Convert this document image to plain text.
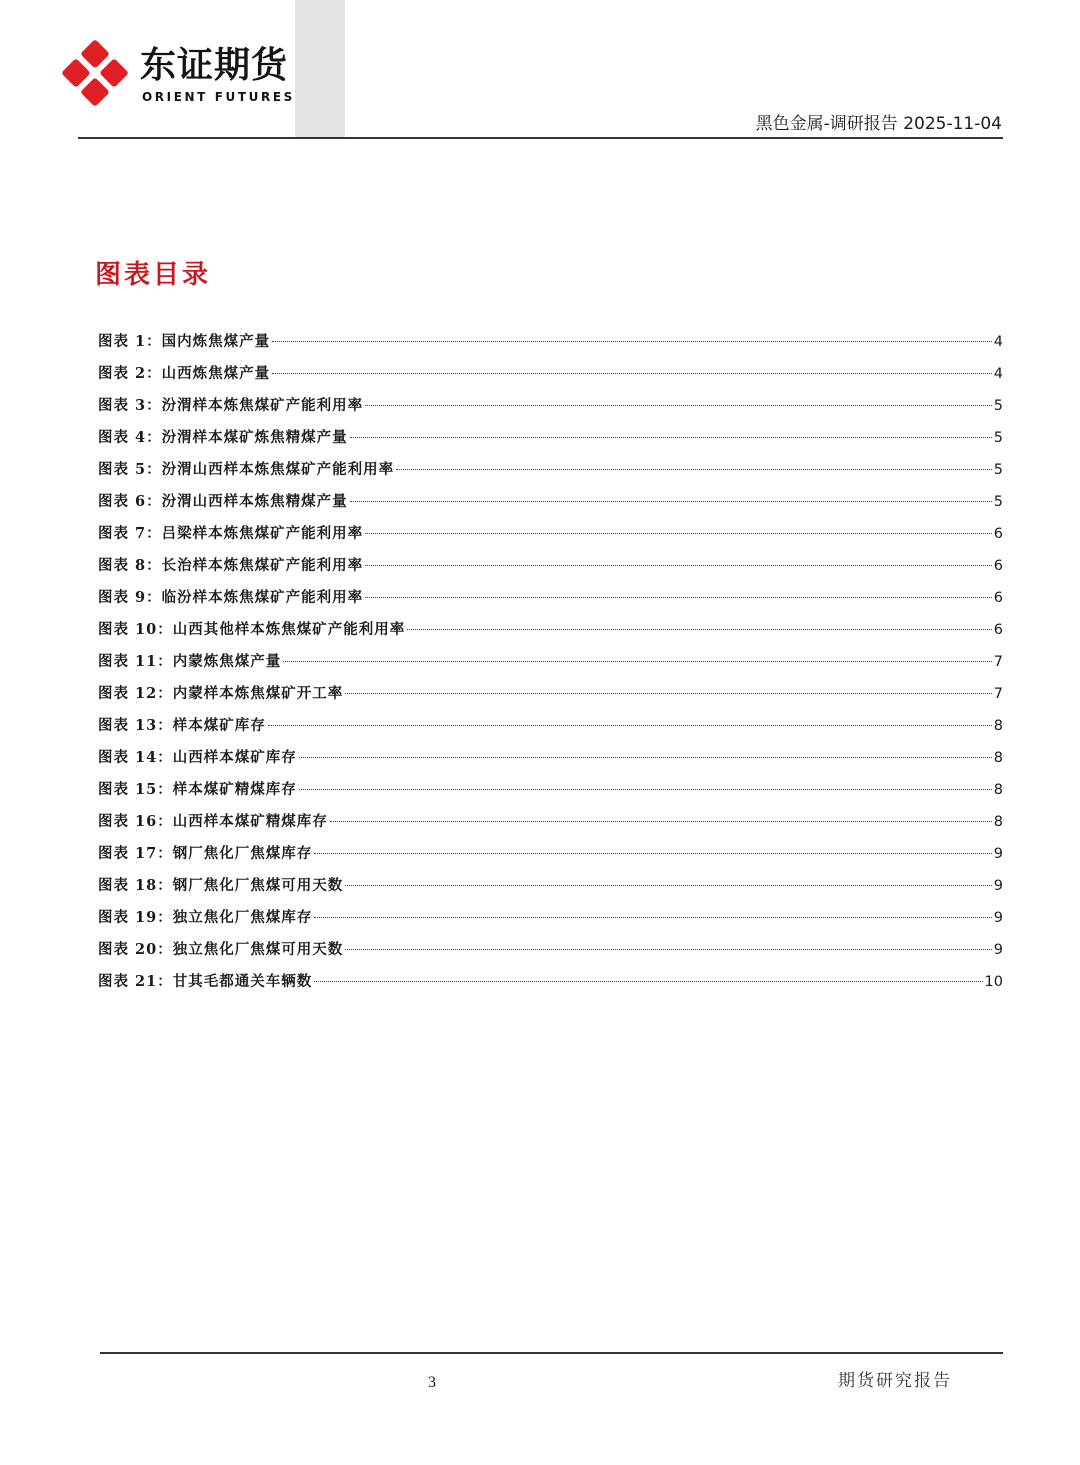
东证期货
ORIENT FUTURES
黑色金属-调研报告 2025-11-04
图表目录
图表 1：国内炼焦煤产量	4
图表 2：山西炼焦煤产量	4
图表 3：汾渭样本炼焦煤矿产能利用率	5
图表 4：汾渭样本煤矿炼焦精煤产量	5
图表 5：汾渭山西样本炼焦煤矿产能利用率	5
图表 6：汾渭山西样本炼焦精煤产量	5
图表 7：吕梁样本炼焦煤矿产能利用率	6
图表 8：长治样本炼焦煤矿产能利用率	6
图表 9：临汾样本炼焦煤矿产能利用率	6
图表 10：山西其他样本炼焦煤矿产能利用率	6
图表 11：内蒙炼焦煤产量	7
图表 12：内蒙样本炼焦煤矿开工率	7
图表 13：样本煤矿库存	8
图表 14：山西样本煤矿库存	8
图表 15：样本煤矿精煤库存	8
图表 16：山西样本煤矿精煤库存	8
图表 17：钢厂焦化厂焦煤库存	9
图表 18：钢厂焦化厂焦煤可用天数	9
图表 19：独立焦化厂焦煤库存	9
图表 20：独立焦化厂焦煤可用天数	9
图表 21：甘其毛都通关车辆数	10
3	期货研究报告
